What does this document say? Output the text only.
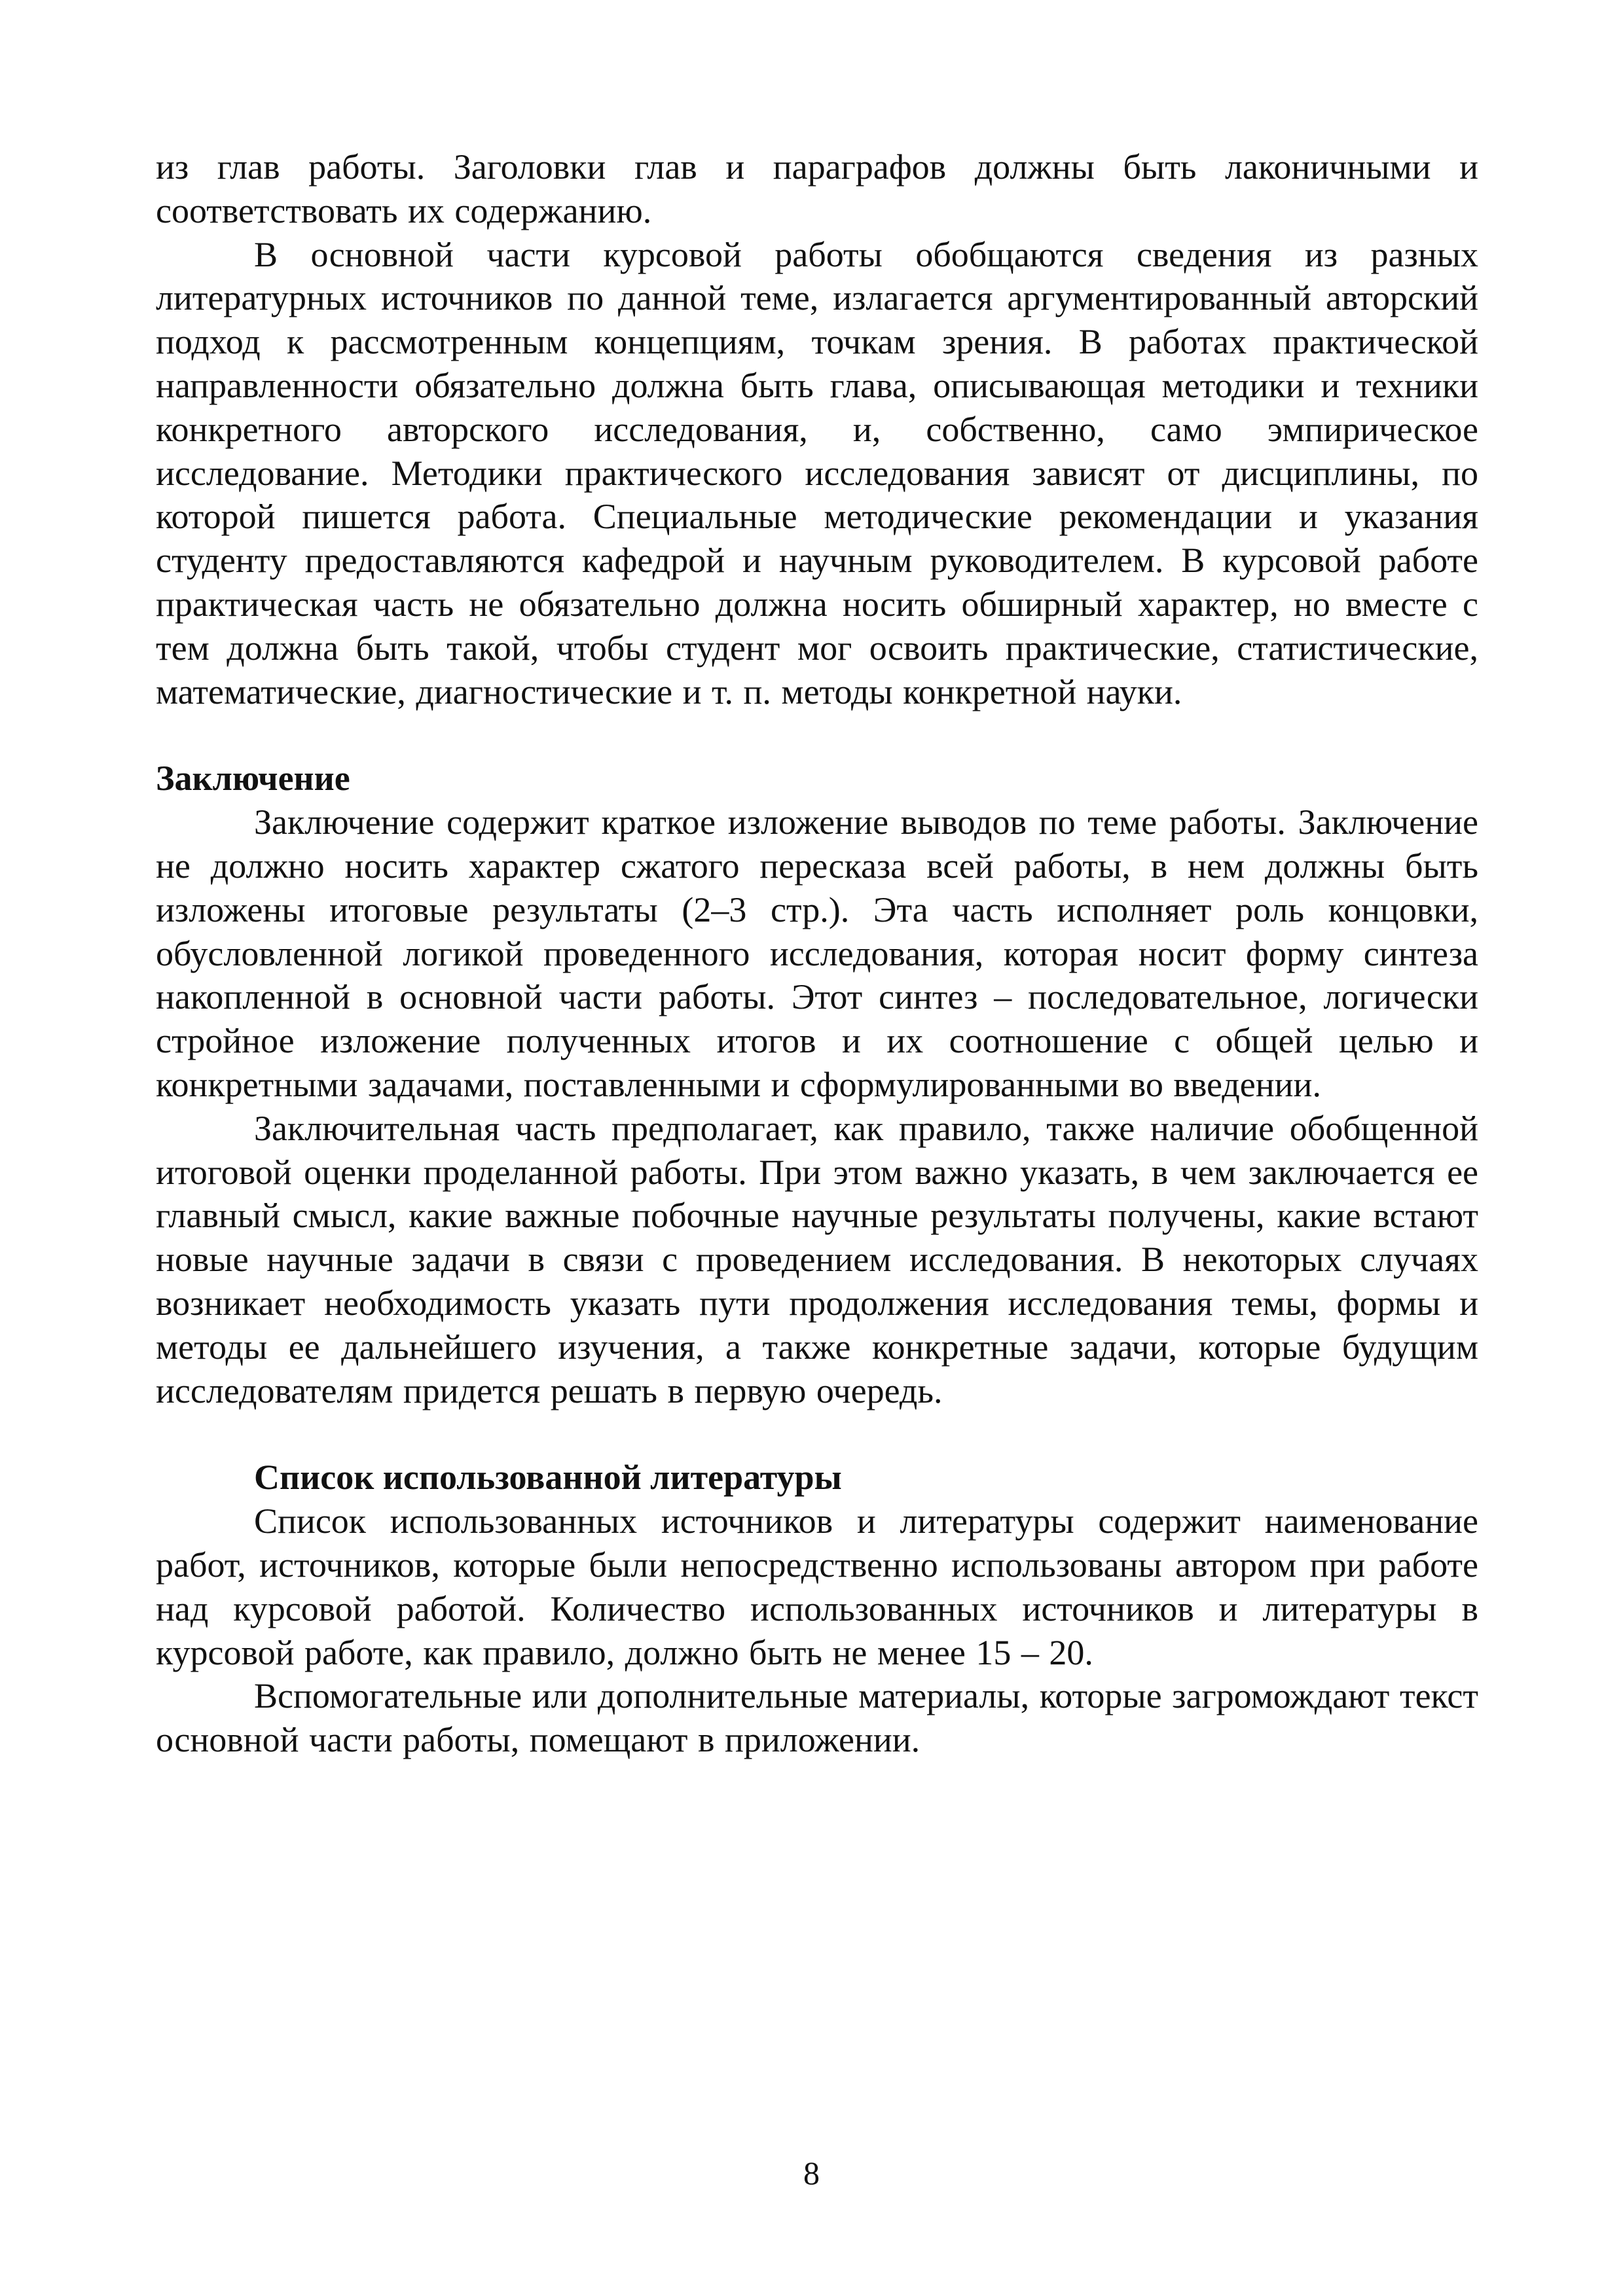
из глав работы. Заголовки глав и параграфов должны быть лаконичными и соответствовать их содержанию.

В основной части курсовой работы обобщаются сведения из разных литературных источников по данной теме, излагается аргументированный авторский подход к рассмотренным концепциям, точкам зрения. В работах практической направленности обязательно должна быть глава, описывающая методики и техники конкретного авторского исследования, и, собственно, само эмпирическое исследование. Методики практического исследования зависят от дисциплины, по которой пишется работа. Специальные методические рекомендации и указания студенту предоставляются кафедрой и научным руководителем. В курсовой работе практическая часть не обязательно должна носить обширный характер, но вместе с тем должна быть такой, чтобы студент мог освоить практические, статистические, математические, диагностические и т. п. методы конкретной науки.

Заключение

Заключение содержит краткое изложение выводов по теме работы. Заключение не должно носить характер сжатого пересказа всей работы, в нем должны быть изложены итоговые результаты (2–3 стр.). Эта часть исполняет роль концовки, обусловленной логикой проведенного исследования, которая носит форму синтеза накопленной в основной части работы. Этот синтез – последовательное, логически стройное изложение полученных итогов и их соотношение с общей целью и конкретными задачами, поставленными и сформулированными во введении.

Заключительная часть предполагает, как правило, также наличие обобщенной итоговой оценки проделанной работы. При этом важно указать, в чем заключается ее главный смысл, какие важные побочные научные результаты получены, какие встают новые научные задачи в связи с проведением исследования. В некоторых случаях возникает необходимость указать пути продолжения исследования темы, формы и методы ее дальнейшего изучения, а также конкретные задачи, которые будущим исследователям придется решать в первую очередь.

Список использованной литературы

Список использованных источников и литературы содержит наименование работ, источников, которые были непосредственно использованы автором при работе над курсовой работой. Количество использованных источников и литературы в курсовой работе, как правило, должно быть не менее 15 – 20.

Вспомогательные или дополнительные материалы, которые загромождают текст основной части работы, помещают в приложении.

8
